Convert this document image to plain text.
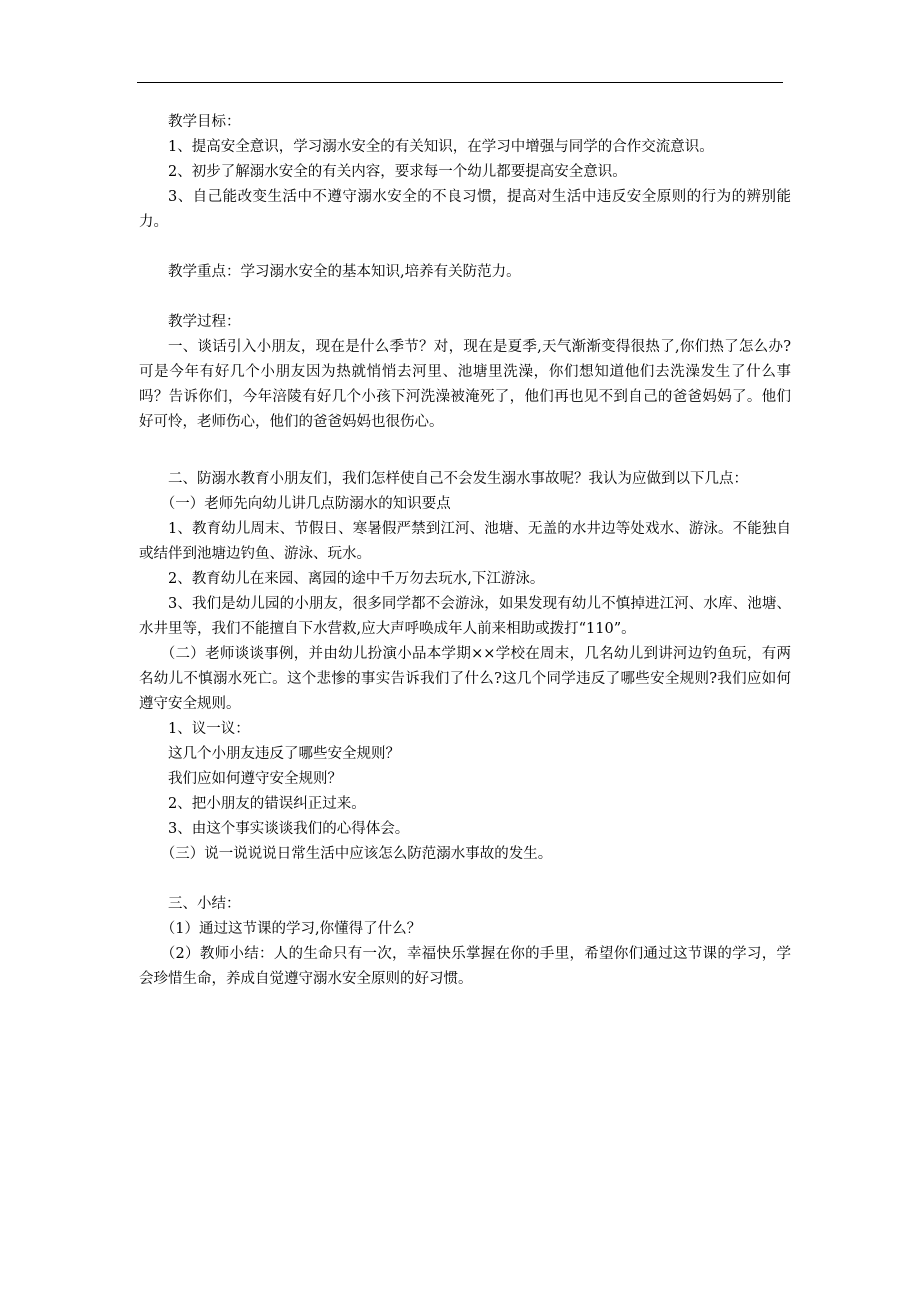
教学目标：

1、提高安全意识，学习溺水安全的有关知识，在学习中增强与同学的合作交流意识。

2、初步了解溺水安全的有关内容，要求每一个幼儿都要提高安全意识。

3、自己能改变生活中不遵守溺水安全的不良习惯，提高对生活中违反安全原则的行为的辨别能力。

教学重点：学习溺水安全的基本知识,培养有关防范力。

教学过程：

一、谈话引入小朋友，现在是什么季节？对，现在是夏季,天气渐渐变得很热了,你们热了怎么办?可是今年有好几个小朋友因为热就悄悄去河里、池塘里洗澡，你们想知道他们去洗澡发生了什么事吗？告诉你们，今年涪陵有好几个小孩下河洗澡被淹死了，他们再也见不到自己的爸爸妈妈了。他们好可怜，老师伤心，他们的爸爸妈妈也很伤心。

二、防溺水教育小朋友们，我们怎样使自己不会发生溺水事故呢？我认为应做到以下几点：

（一）老师先向幼儿讲几点防溺水的知识要点

1、教育幼儿周末、节假日、寒暑假严禁到江河、池塘、无盖的水井边等处戏水、游泳。不能独自或结伴到池塘边钓鱼、游泳、玩水。

2、教育幼儿在来园、离园的途中千万勿去玩水,下江游泳。

3、我们是幼儿园的小朋友，很多同学都不会游泳，如果发现有幼儿不慎掉进江河、水库、池塘、水井里等，我们不能擅自下水营救,应大声呼唤成年人前来相助或拨打“110”。

（二）老师谈谈事例，并由幼儿扮演小品本学期××学校在周末，几名幼儿到讲河边钓鱼玩，有两名幼儿不慎溺水死亡。这个悲惨的事实告诉我们了什么?这几个同学违反了哪些安全规则?我们应如何遵守安全规则。

1、议一议：

这几个小朋友违反了哪些安全规则？

我们应如何遵守安全规则？

2、把小朋友的错误纠正过来。

3、由这个事实谈谈我们的心得体会。

（三）说一说说说日常生活中应该怎么防范溺水事故的发生。

三、小结：

（1）通过这节课的学习,你懂得了什么？

（2）教师小结：人的生命只有一次，幸福快乐掌握在你的手里，希望你们通过这节课的学习，学会珍惜生命，养成自觉遵守溺水安全原则的好习惯。
